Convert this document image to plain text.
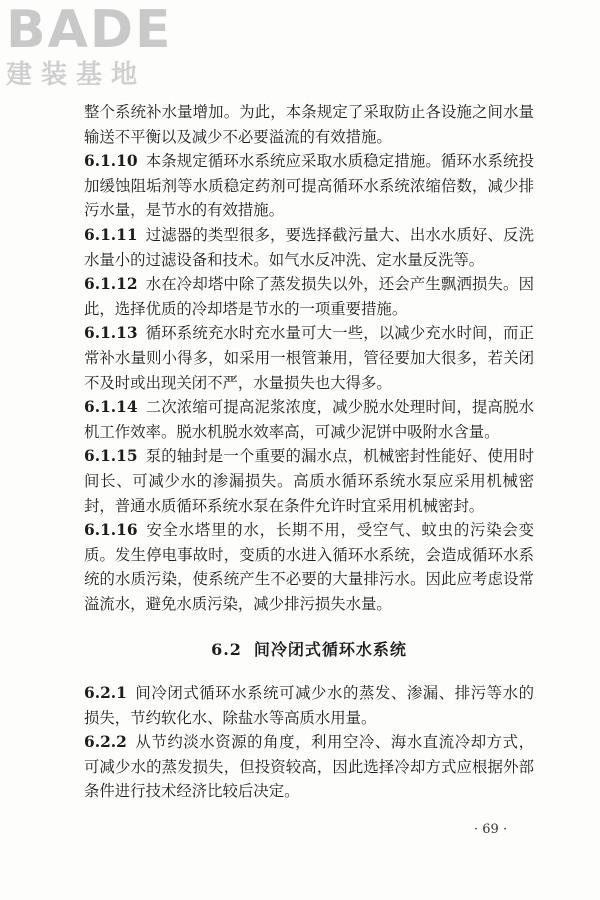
BADE
建装基地

整个系统补水量增加。为此，本条规定了采取防止各设施之间水量输送不平衡以及减少不必要溢流的有效措施。

6.1.10 本条规定循环水系统应采取水质稳定措施。循环水系统投加缓蚀阻垢剂等水质稳定药剂可提高循环水系统浓缩倍数，减少排污水量，是节水的有效措施。

6.1.11 过滤器的类型很多，要选择截污量大、出水水质好、反洗水量小的过滤设备和技术。如气水反冲洗、定水量反洗等。

6.1.12 水在冷却塔中除了蒸发损失以外，还会产生飘洒损失。因此，选择优质的冷却塔是节水的一项重要措施。

6.1.13 循环系统充水时充水量可大一些，以减少充水时间，而正常补水量则小得多，如采用一根管兼用，管径要加大很多，若关闭不及时或出现关闭不严，水量损失也大得多。

6.1.14 二次浓缩可提高泥浆浓度，减少脱水处理时间，提高脱水机工作效率。脱水机脱水效率高，可减少泥饼中吸附水含量。

6.1.15 泵的轴封是一个重要的漏水点，机械密封性能好、使用时间长、可减少水的渗漏损失。高质水循环系统水泵应采用机械密封，普通水质循环系统水泵在条件允许时宜采用机械密封。

6.1.16 安全水塔里的水，长期不用，受空气、蚊虫的污染会变质。发生停电事故时，变质的水进入循环水系统，会造成循环水系统的水质污染，使系统产生不必要的大量排污水。因此应考虑设常溢流水，避免水质污染，减少排污损失水量。

6.2 间冷闭式循环水系统

6.2.1 间冷闭式循环水系统可减少水的蒸发、渗漏、排污等水的损失，节约软化水、除盐水等高质水用量。

6.2.2 从节约淡水资源的角度，利用空冷、海水直流冷却方式，可减少水的蒸发损失，但投资较高，因此选择冷却方式应根据外部条件进行技术经济比较后决定。

· 69 ·
